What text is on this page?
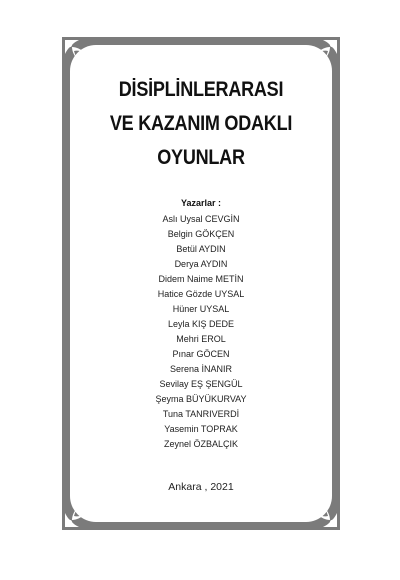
DİSİPLİNLERARASI
VE KAZANIM ODAKLI
OYUNLAR
Yazarlar :
Aslı Uysal CEVGİN
Belgin GÖKÇEN
Betül AYDIN
Derya AYDIN
Didem Naime METİN
Hatice Gözde UYSAL
Hüner UYSAL
Leyla KIŞ DEDE
Mehri EROL
Pınar GÖCEN
Serena İNANIR
Sevilay EŞ ŞENGÜL
Şeyma BÜYÜKURVAY
Tuna TANRIVERDİ
Yasemin TOPRAK
Zeynel ÖZBALÇIK
Ankara , 2021
